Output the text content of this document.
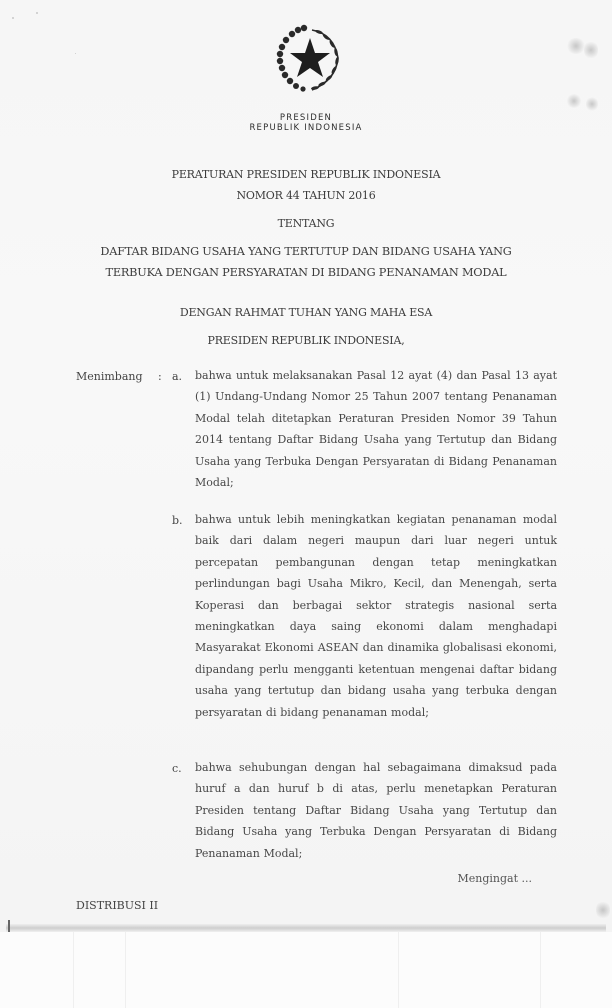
PRESIDEN
REPUBLIK INDONESIA
PERATURAN PRESIDEN REPUBLIK INDONESIA
NOMOR 44 TAHUN 2016
TENTANG
DAFTAR BIDANG USAHA YANG TERTUTUP DAN BIDANG USAHA YANG
TERBUKA DENGAN PERSYARATAN DI BIDANG PENANAMAN MODAL
DENGAN RAHMAT TUHAN YANG MAHA ESA
PRESIDEN REPUBLIK INDONESIA,
Menimbang : a. bahwa untuk melaksanakan Pasal 12 ayat (4) dan Pasal 13 ayat (1) Undang-Undang Nomor 25 Tahun 2007 tentang Penanaman Modal telah ditetapkan Peraturan Presiden Nomor 39 Tahun 2014 tentang Daftar Bidang Usaha yang Tertutup dan Bidang Usaha yang Terbuka Dengan Persyaratan di Bidang Penanaman Modal;
b. bahwa untuk lebih meningkatkan kegiatan penanaman modal baik dari dalam negeri maupun dari luar negeri untuk percepatan pembangunan dengan tetap meningkatkan perlindungan bagi Usaha Mikro, Kecil, dan Menengah, serta Koperasi dan berbagai sektor strategis nasional serta meningkatkan daya saing ekonomi dalam menghadapi Masyarakat Ekonomi ASEAN dan dinamika globalisasi ekonomi, dipandang perlu mengganti ketentuan mengenai daftar bidang usaha yang tertutup dan bidang usaha yang terbuka dengan persyaratan di bidang penanaman modal;
c. bahwa sehubungan dengan hal sebagaimana dimaksud pada huruf a dan huruf b di atas, perlu menetapkan Peraturan Presiden tentang Daftar Bidang Usaha yang Tertutup dan Bidang Usaha yang Terbuka Dengan Persyaratan di Bidang Penanaman Modal;
Mengingat ...
DISTRIBUSI II
